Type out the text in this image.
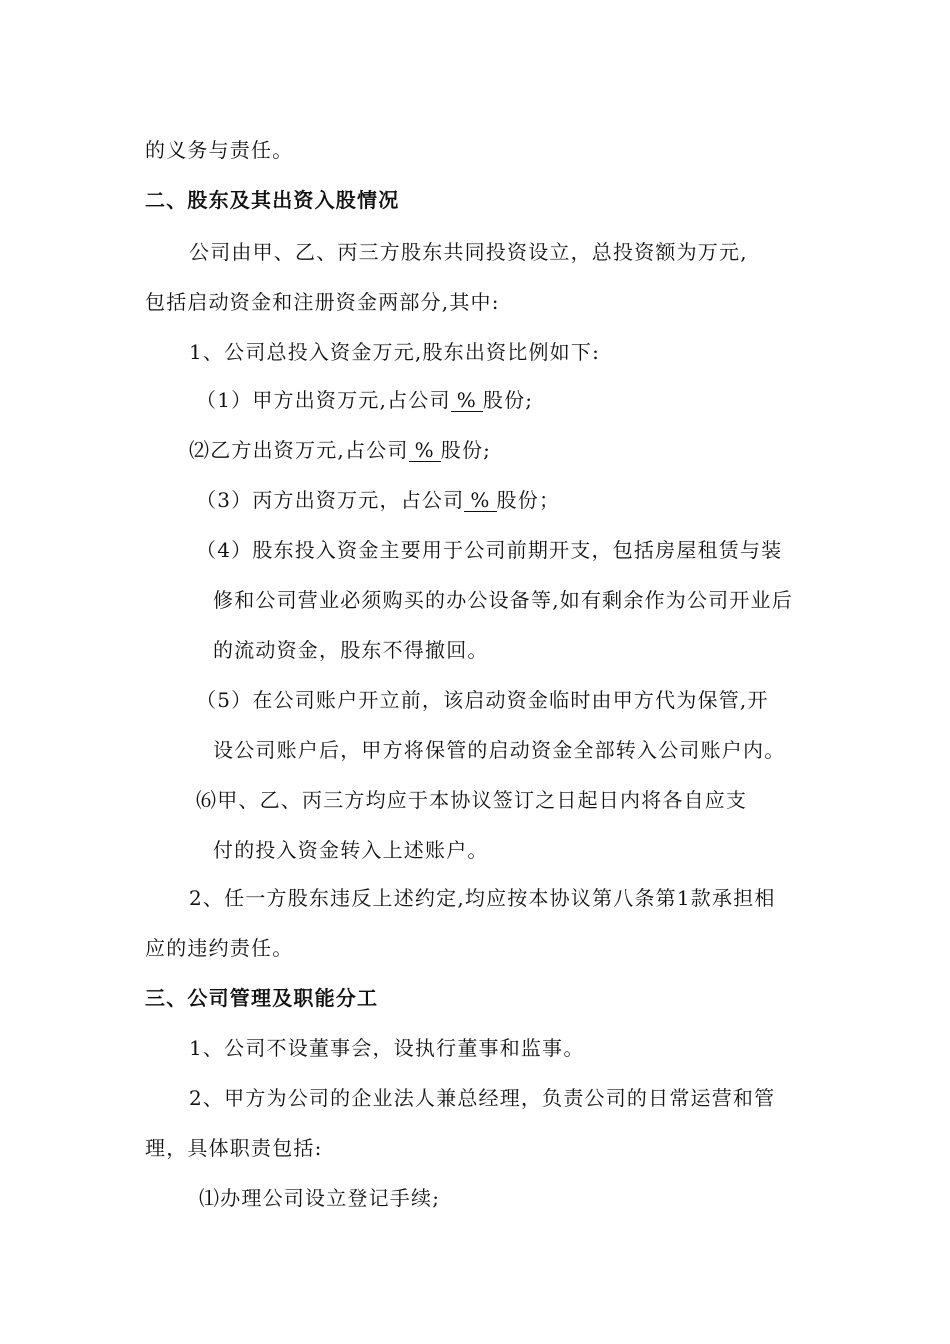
的义务与责任。
二、股东及其出资入股情况
公司由甲、乙、丙三方股东共同投资设立，总投资额为万元,
包括启动资金和注册资金两部分,其中:
1、公司总投入资金万元,股东出资比例如下:
（1）甲方出资万元,占公司 % 股份;
⑵乙方出资万元,占公司 % 股份;
（3）丙方出资万元，占公司 % 股份；
（4）股东投入资金主要用于公司前期开支，包括房屋租赁与装
修和公司营业必须购买的办公设备等,如有剩余作为公司开业后
的流动资金，股东不得撤回。
（5）在公司账户开立前，该启动资金临时由甲方代为保管,开
设公司账户后，甲方将保管的启动资金全部转入公司账户内。
⑹甲、乙、丙三方均应于本协议签订之日起日内将各自应支
付的投入资金转入上述账户。
2、任一方股东违反上述约定,均应按本协议第八条第1款承担相
应的违约责任。
三、公司管理及职能分工
1、公司不设董事会，设执行董事和监事。
2、甲方为公司的企业法人兼总经理，负责公司的日常运营和管
理，具体职责包括:
⑴办理公司设立登记手续;
